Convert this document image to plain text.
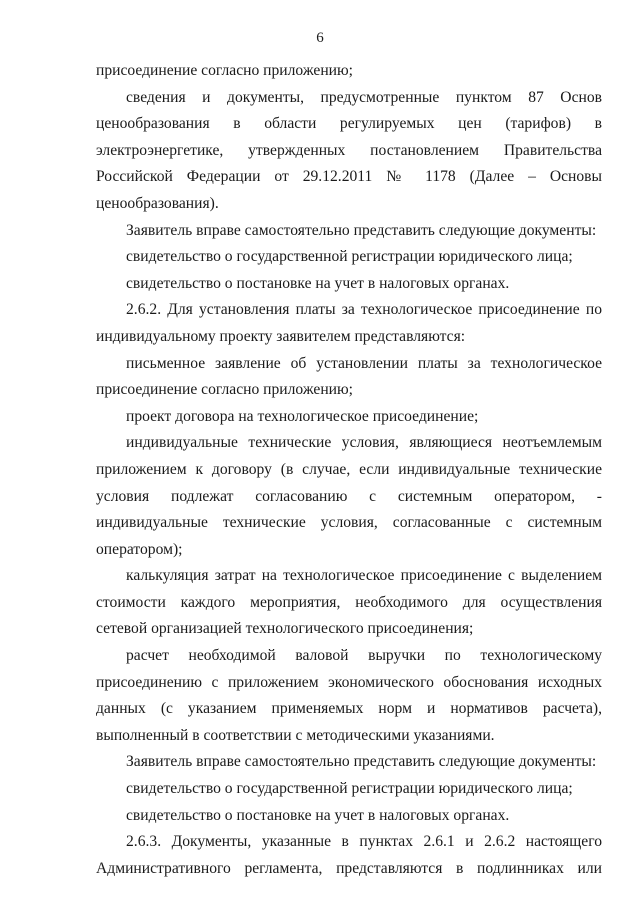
6

присоединение согласно приложению;

сведения и документы, предусмотренные пунктом 87 Основ ценообразования в области регулируемых цен (тарифов) в электроэнергетике, утвержденных постановлением Правительства Российской Федерации от 29.12.2011 № 1178 (Далее – Основы ценообразования).

Заявитель вправе самостоятельно представить следующие документы:

свидетельство о государственной регистрации юридического лица;

свидетельство о постановке на учет в налоговых органах.

2.6.2. Для установления платы за технологическое присоединение по индивидуальному проекту заявителем представляются:

письменное заявление об установлении платы за технологическое присоединение согласно приложению;

проект договора на технологическое присоединение;

индивидуальные технические условия, являющиеся неотъемлемым приложением к договору (в случае, если индивидуальные технические условия подлежат согласованию с системным оператором, - индивидуальные технические условия, согласованные с системным оператором);

калькуляция затрат на технологическое присоединение с выделением стоимости каждого мероприятия, необходимого для осуществления сетевой организацией технологического присоединения;

расчет необходимой валовой выручки по технологическому присоединению с приложением экономического обоснования исходных данных (с указанием применяемых норм и нормативов расчета), выполненный в соответствии с методическими указаниями.

Заявитель вправе самостоятельно представить следующие документы:

свидетельство о государственной регистрации юридического лица;

свидетельство о постановке на учет в налоговых органах.

2.6.3. Документы, указанные в пунктах 2.6.1 и 2.6.2 настоящего Административного регламента, представляются в подлинниках или
